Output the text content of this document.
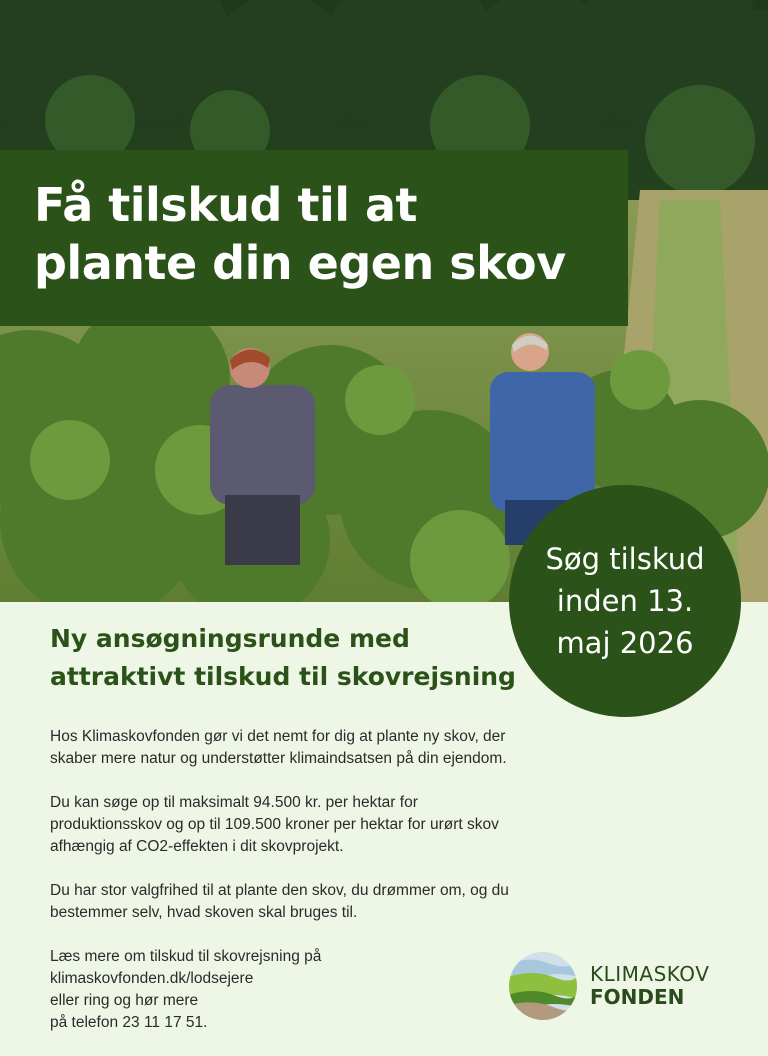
Få tilskud til at
plante din egen skov
Søg tilskud
inden 13.
maj 2026
Ny ansøgningsrunde med
attraktivt tilskud til skovrejsning

Hos Klimaskovfonden gør vi det nemt for dig at plante ny skov, der
skaber mere natur og understøtter klimaindsatsen på din ejendom.

Du kan søge op til maksimalt 94.500 kr. per hektar for
produktionsskov og op til 109.500 kroner per hektar for urørt skov
afhængig af CO2-effekten i dit skovprojekt.

Du har stor valgfrihed til at plante den skov, du drømmer om, og du
bestemmer selv, hvad skoven skal bruges til.

Læs mere om tilskud til skovrejsning på
klimaskovfonden.dk/lodsejere
eller ring og hør mere
på telefon 23 11 17 51.

KLIMASKOV
FONDEN
